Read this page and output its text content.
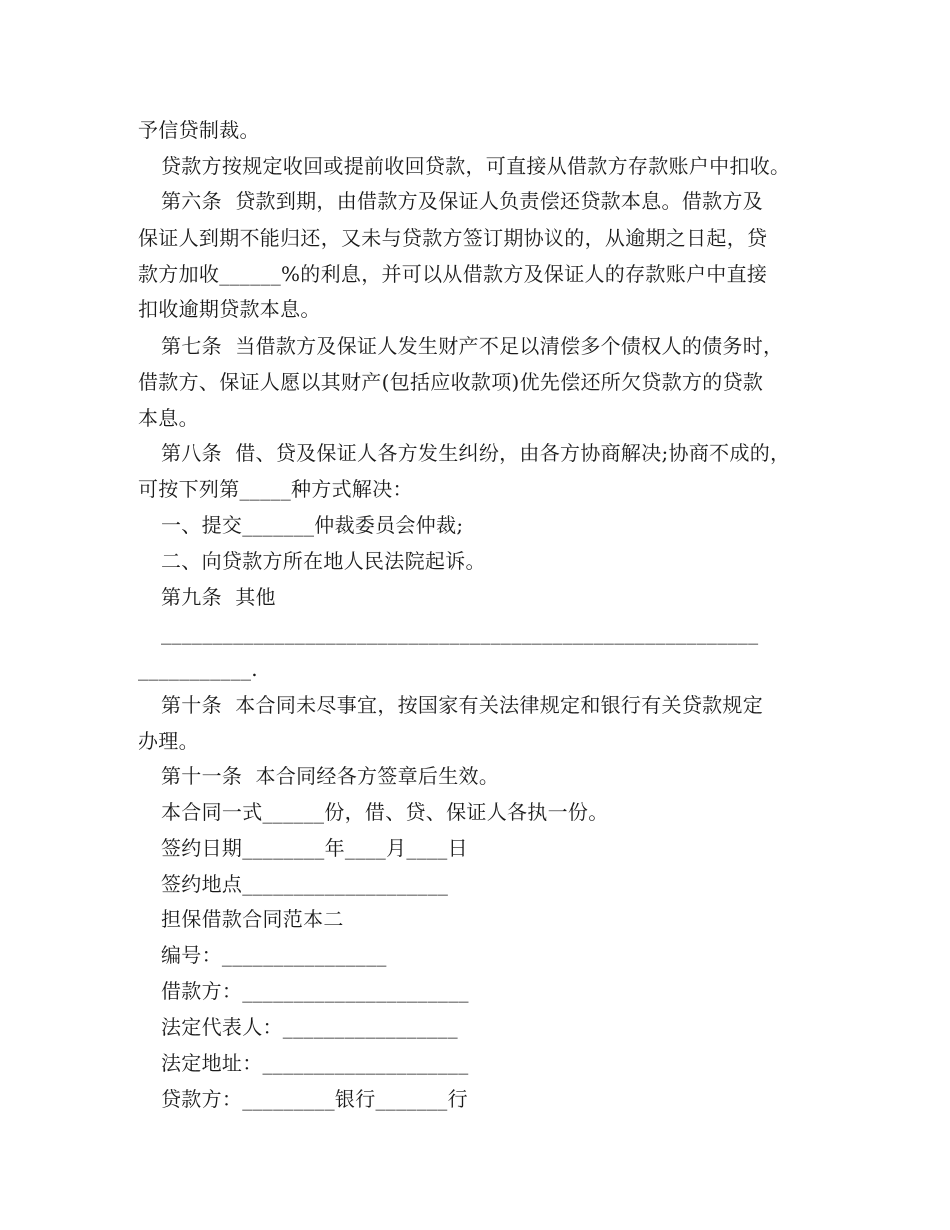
予信贷制裁。
贷款方按规定收回或提前收回贷款，可直接从借款方存款账户中扣收。
第六条  贷款到期，由借款方及保证人负责偿还贷款本息。借款方及
保证人到期不能归还，又未与贷款方签订期协议的，从逾期之日起，贷
款方加收______%的利息，并可以从借款方及保证人的存款账户中直接
扣收逾期贷款本息。
第七条  当借款方及保证人发生财产不足以清偿多个债权人的债务时，
借款方、保证人愿以其财产(包括应收款项)优先偿还所欠贷款方的贷款
本息。
第八条  借、贷及保证人各方发生纠纷，由各方协商解决;协商不成的，
可按下列第_____种方式解决：
一、提交_______仲裁委员会仲裁;
二、向贷款方所在地人民法院起诉。
第九条  其他
__________________________________________________________
___________.
第十条  本合同未尽事宜，按国家有关法律规定和银行有关贷款规定
办理。
第十一条  本合同经各方签章后生效。
本合同一式______份，借、贷、保证人各执一份。
签约日期________年____月____日
签约地点____________________
担保借款合同范本二
编号：________________
借款方：______________________
法定代表人：_________________
法定地址：____________________
贷款方：_________银行_______行
